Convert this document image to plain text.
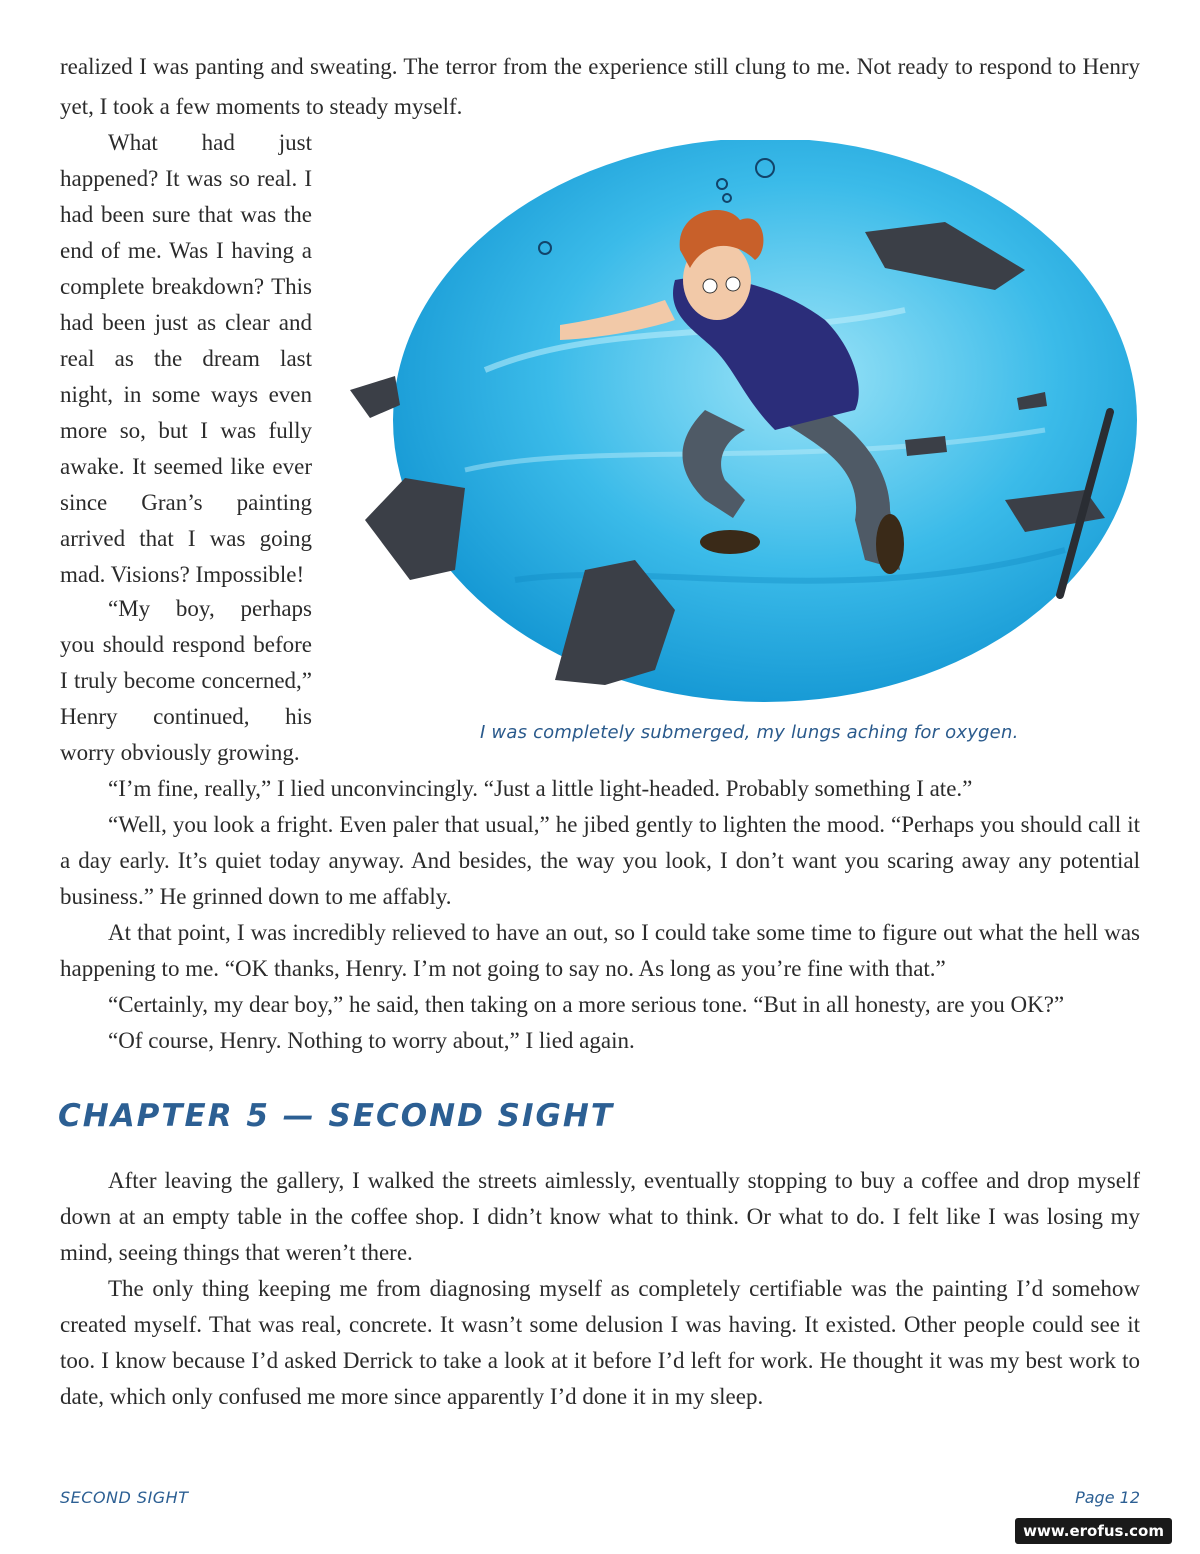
realized I was panting and sweating. The terror from the experience still clung to me. Not ready to respond to Henry yet, I took a few moments to steady myself.

What had just happened? It was so real. I had been sure that was the end of me. Was I having a complete breakdown? This had been just as clear and real as the dream last night, in some ways even more so, but I was fully awake. It seemed like ever since Gran’s painting arrived that I was going mad. Visions? Impossible!

“My boy, perhaps you should respond before I truly become concerned,” Henry continued, his worry obviously growing.

I was completely submerged, my lungs aching for oxygen.
“I’m fine, really,” I lied unconvincingly. “Just a little light-headed. Probably something I ate.”
“Well, you look a fright. Even paler that usual,” he jibed gently to lighten the mood. “Perhaps you should call it a day early. It’s quiet today anyway. And besides, the way you look, I don’t want you scaring away any potential business.” He grinned down to me affably.
At that point, I was incredibly relieved to have an out, so I could take some time to figure out what the hell was happening to me. “OK thanks, Henry. I’m not going to say no. As long as you’re fine with that.”
“Certainly, my dear boy,” he said, then taking on a more serious tone. “But in all honesty, are you OK?”
“Of course, Henry. Nothing to worry about,” I lied again.
CHAPTER 5 — SECOND SIGHT

After leaving the gallery, I walked the streets aimlessly, eventually stopping to buy a coffee and drop myself down at an empty table in the coffee shop. I didn’t know what to think. Or what to do. I felt like I was losing my mind, seeing things that weren’t there.

The only thing keeping me from diagnosing myself as completely certifiable was the painting I’d somehow created myself. That was real, concrete. It wasn’t some delusion I was having. It existed. Other people could see it too. I know because I’d asked Derrick to take a look at it before I’d left for work. He thought it was my best work to date, which only confused me more since apparently I’d done it in my sleep.

SECOND SIGHT	Page 12
www.erofus.com
